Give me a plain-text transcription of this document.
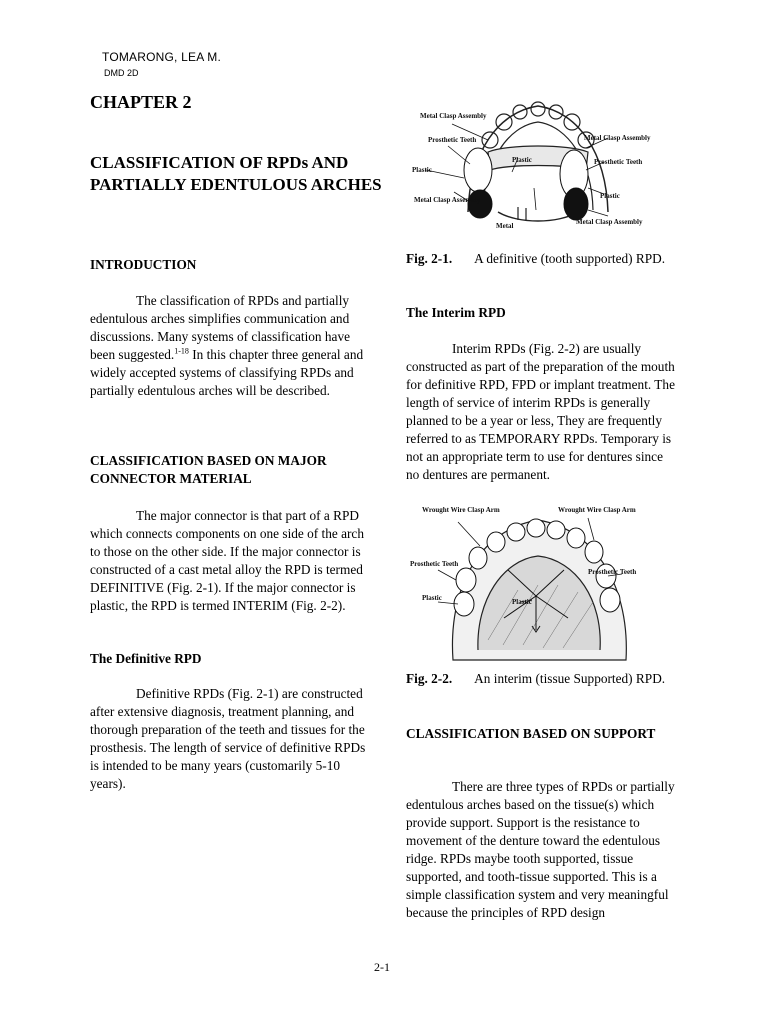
TOMARONG, LEA M.
DMD 2D
CHAPTER 2
CLASSIFICATION OF RPDs AND PARTIALLY EDENTULOUS ARCHES
INTRODUCTION
The classification of RPDs and partially edentulous arches simplifies communication and discussions. Many systems of classification have been suggested.$^{1-18}$ In this chapter three general and widely accepted systems of classifying RPDs and partially edentulous arches will be described.
CLASSIFICATION BASED ON MAJOR CONNECTOR MATERIAL
The major connector is that part of a RPD which connects components on one side of the arch to those on the other side. If the major connector is constructed of a cast metal alloy the RPD is termed DEFINITIVE (Fig. 2-1). If the major connector is plastic, the RPD is termed INTERIM (Fig. 2-2).
The Definitive RPD
Definitive RPDs (Fig. 2-1) are constructed after extensive diagnosis, treatment planning, and thorough preparation of the teeth and tissues for the prosthesis. The length of service of definitive RPDs is intended to be many years (customarily 5-10 years).
Metal Clasp Assembly
Prosthetic Teeth
Plastic
Plastic
Metal Clasp Assembly
Metal
Metal Clasp Assembly
Prosthetic Teeth
Plastic
Metal Clasp Assembly
Fig. 2-1. A definitive (tooth supported) RPD.
The Interim RPD
Interim RPDs (Fig. 2-2) are usually constructed as part of the preparation of the mouth for definitive RPD, FPD or implant treatment. The length of service of interim RPDs is generally planned to be a year or less, They are frequently referred to as TEMPORARY RPDs. Temporary is not an appropriate term to use for dentures since no dentures are permanent.
Wrought Wire Clasp Arm	Wrought Wire Clasp Arm
Prosthetic Teeth
Prosthetic Teeth
Plastic	Plastic
Fig. 2-2. An interim (tissue Supported) RPD.
CLASSIFICATION BASED ON SUPPORT
There are three types of RPDs or partially edentulous arches based on the tissue(s) which provide support. Support is the resistance to movement of the denture toward the edentulous ridge. RPDs maybe tooth supported, tissue supported, and tooth-tissue supported. This is a simple classification system and very meaningful because the principles of RPD design
2-1
